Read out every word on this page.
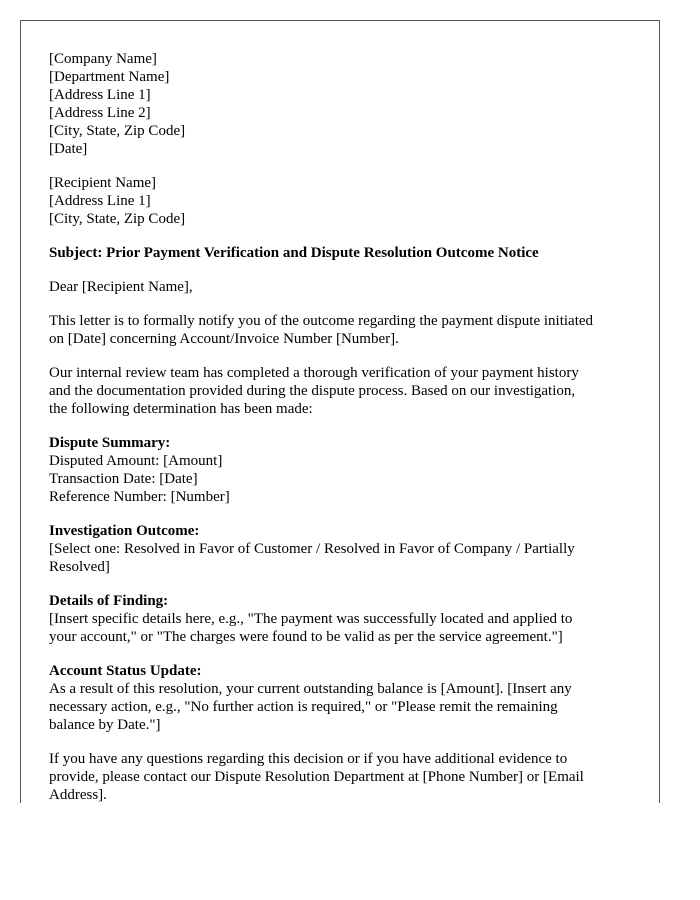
[Company Name]
[Department Name]
[Address Line 1]
[Address Line 2]
[City, State, Zip Code]
[Date]
[Recipient Name]
[Address Line 1]
[City, State, Zip Code]
Subject: Prior Payment Verification and Dispute Resolution Outcome Notice
Dear [Recipient Name],
This letter is to formally notify you of the outcome regarding the payment dispute initiated
on [Date] concerning Account/Invoice Number [Number].
Our internal review team has completed a thorough verification of your payment history
and the documentation provided during the dispute process. Based on our investigation,
the following determination has been made:
Dispute Summary:
Disputed Amount: [Amount]
Transaction Date: [Date]
Reference Number: [Number]
Investigation Outcome:
[Select one: Resolved in Favor of Customer / Resolved in Favor of Company / Partially
Resolved]
Details of Finding:
[Insert specific details here, e.g., "The payment was successfully located and applied to
your account," or "The charges were found to be valid as per the service agreement."]
Account Status Update:
As a result of this resolution, your current outstanding balance is [Amount]. [Insert any
necessary action, e.g., "No further action is required," or "Please remit the remaining
balance by Date."]
If you have any questions regarding this decision or if you have additional evidence to
provide, please contact our Dispute Resolution Department at [Phone Number] or [Email
Address].
